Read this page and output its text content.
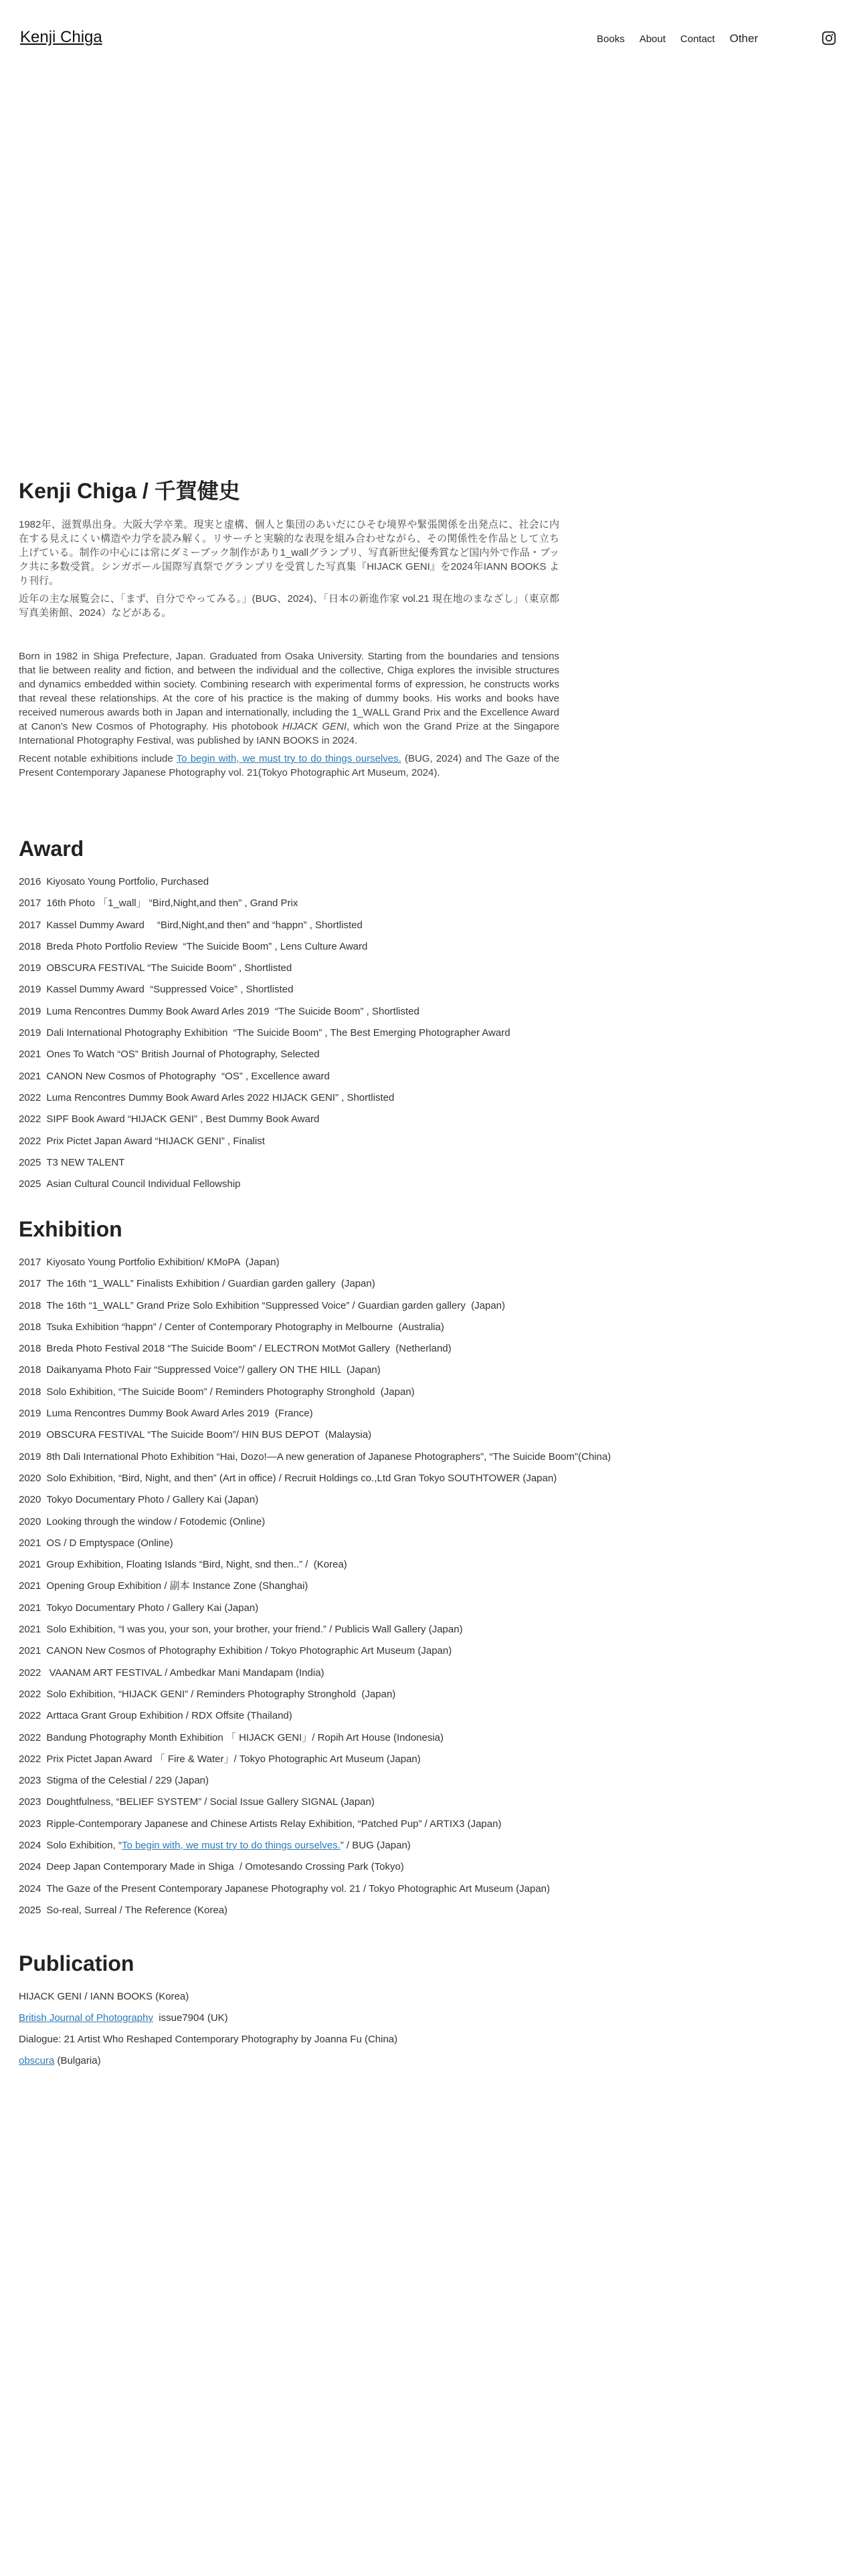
Kenji Chiga	Books About Contact Other
Kenji Chiga / 千賀健史

1982年、滋賀県出身。大阪大学卒業。現実と虚構、個人と集団のあいだにひそむ境界や緊張関係を出発点に、社会に内在する見えにくい構造や力学を読み解く。リサーチと実験的な表現を組み合わせながら、その関係性を作品として立ち上げている。制作の中心には常にダミーブック制作があり1_wallグランプリ、写真新世紀優秀賞など国内外で作品・ブック共に多数受賞。シンガポール国際写真祭でグランプリを受賞した写真集『HIJACK GENI』を2024年IANN BOOKS より刊行。

近年の主な展覧会に、「まず、自分でやってみる。」(BUG、2024)、「日本の新進作家 vol.21 現在地のまなざし」（東京都写真美術館、2024）などがある。

Born in 1982 in Shiga Prefecture, Japan. Graduated from Osaka University. Starting from the boundaries and tensions that lie between reality and fiction, and between the individual and the collective, Chiga explores the invisible structures and dynamics embedded within society. Combining research with experimental forms of expression, he constructs works that reveal these relationships. At the core of his practice is the making of dummy books. His works and books have received numerous awards both in Japan and internationally, including the 1_WALL Grand Prix and the Excellence Award at Canon's New Cosmos of Photography. His photobook HIJACK GENI, which won the Grand Prize at the Singapore International Photography Festival, was published by IANN BOOKS in 2024.

Recent notable exhibitions include To begin with, we must try to do things ourselves. (BUG, 2024) and The Gaze of the Present Contemporary Japanese Photography vol. 21(Tokyo Photographic Art Museum, 2024).

Award
2016 Kiyosato Young Portfolio, Purchased
2017 16th Photo 「1_wall」 “Bird,Night,and then” , Grand Prix
2017 Kassel Dummy Award 　“Bird,Night,and then” and “happn” , Shortlisted
2018 Breda Photo Portfolio Review  “The Suicide Boom” , Lens Culture Award
2019 OBSCURA FESTIVAL “The Suicide Boom” , Shortlisted
2019 Kassel Dummy Award  “Suppressed Voice” , Shortlisted
2019 Luma Rencontres Dummy Book Award Arles 2019  “The Suicide Boom” , Shortlisted
2019 Dali International Photography Exhibition  “The Suicide Boom” , The Best Emerging Photographer Award
2021 Ones To Watch “OS” British Journal of Photography, Selected
2021 CANON New Cosmos of Photography  “OS” , Excellence award
2022 Luma Rencontres Dummy Book Award Arles 2022 HIJACK GENI” , Shortlisted
2022 SIPF Book Award “HIJACK GENI” , Best Dummy Book Award
2022 Prix Pictet Japan Award “HIJACK GENI” , Finalist
2025 T3 NEW TALENT
2025 Asian Cultural Council Individual Fellowship
Exhibition
2017 Kiyosato Young Portfolio Exhibition/ KMoPA  (Japan)
2017 The 16th “1_WALL” Finalists Exhibition / Guardian garden gallery  (Japan)
2018 The 16th “1_WALL” Grand Prize Solo Exhibition “Suppressed Voice” / Guardian garden gallery  (Japan)
2018 Tsuka Exhibition “happn” / Center of Contemporary Photography in Melbourne  (Australia)
2018 Breda Photo Festival 2018 “The Suicide Boom” / ELECTRON MotMot Gallery  (Netherland)
2018 Daikanyama Photo Fair “Suppressed Voice”/ gallery ON THE HILL  (Japan)
2018 Solo Exhibition, “The Suicide Boom” / Reminders Photography Stronghold  (Japan)
2019 Luma Rencontres Dummy Book Award Arles 2019  (France)
2019 OBSCURA FESTIVAL “The Suicide Boom”/ HIN BUS DEPOT  (Malaysia)
2019 8th Dali International Photo Exhibition “Hai, Dozo!—A new generation of Japanese Photographers”, “The Suicide Boom”(China)
2020 Solo Exhibition, “Bird, Night, and then” (Art in office) / Recruit Holdings co.,Ltd Gran Tokyo SOUTHTOWER (Japan)
2020 Tokyo Documentary Photo / Gallery Kai (Japan)
2020 Looking through the window / Fotodemic (Online)
2021 OS / D Emptyspace (Online)
2021 Group Exhibition, Floating Islands “Bird, Night, snd then..” /  (Korea)
2021 Opening Group Exhibition / 副本 Instance Zone (Shanghai)
2021 Tokyo Documentary Photo / Gallery Kai (Japan)
2021 Solo Exhibition, “I was you, your son, your brother, your friend.” / Publicis Wall Gallery (Japan)
2021 CANON New Cosmos of Photography Exhibition / Tokyo Photographic Art Museum (Japan)
2022 VAANAM ART FESTIVAL / Ambedkar Mani Mandapam (India)
2022 Solo Exhibition, “HIJACK GENI” / Reminders Photography Stronghold  (Japan)
2022 Arttaca Grant Group Exhibition / RDX Offsite (Thailand)
2022 Bandung Photography Month Exhibition 「 HIJACK GENI」/ Ropih Art House (Indonesia)
2022 Prix Pictet Japan Award 「 Fire & Water」/ Tokyo Photographic Art Museum (Japan)
2023 Stigma of the Celestial / 229 (Japan)
2023 Doughtfulness, “BELIEF SYSTEM” / Social Issue Gallery SIGNAL (Japan)
2023 Ripple-Contemporary Japanese and Chinese Artists Relay Exhibition, “Patched Pup” / ARTIX3 (Japan)
2024 Solo Exhibition, “To begin with, we must try to do things ourselves.” / BUG (Japan)
2024 Deep Japan Contemporary Made in Shiga  / Omotesando Crossing Park (Tokyo)
2024 The Gaze of the Present Contemporary Japanese Photography vol. 21 / Tokyo Photographic Art Museum (Japan)
2025 So-real, Surreal / The Reference (Korea)
Publication
HIJACK GENI / IANN BOOKS (Korea)
British Journal of Photography  issue7904 (UK)
Dialogue: 21 Artist Who Reshaped Contemporary Photography by Joanna Fu (China)
obscura (Bulgaria)
